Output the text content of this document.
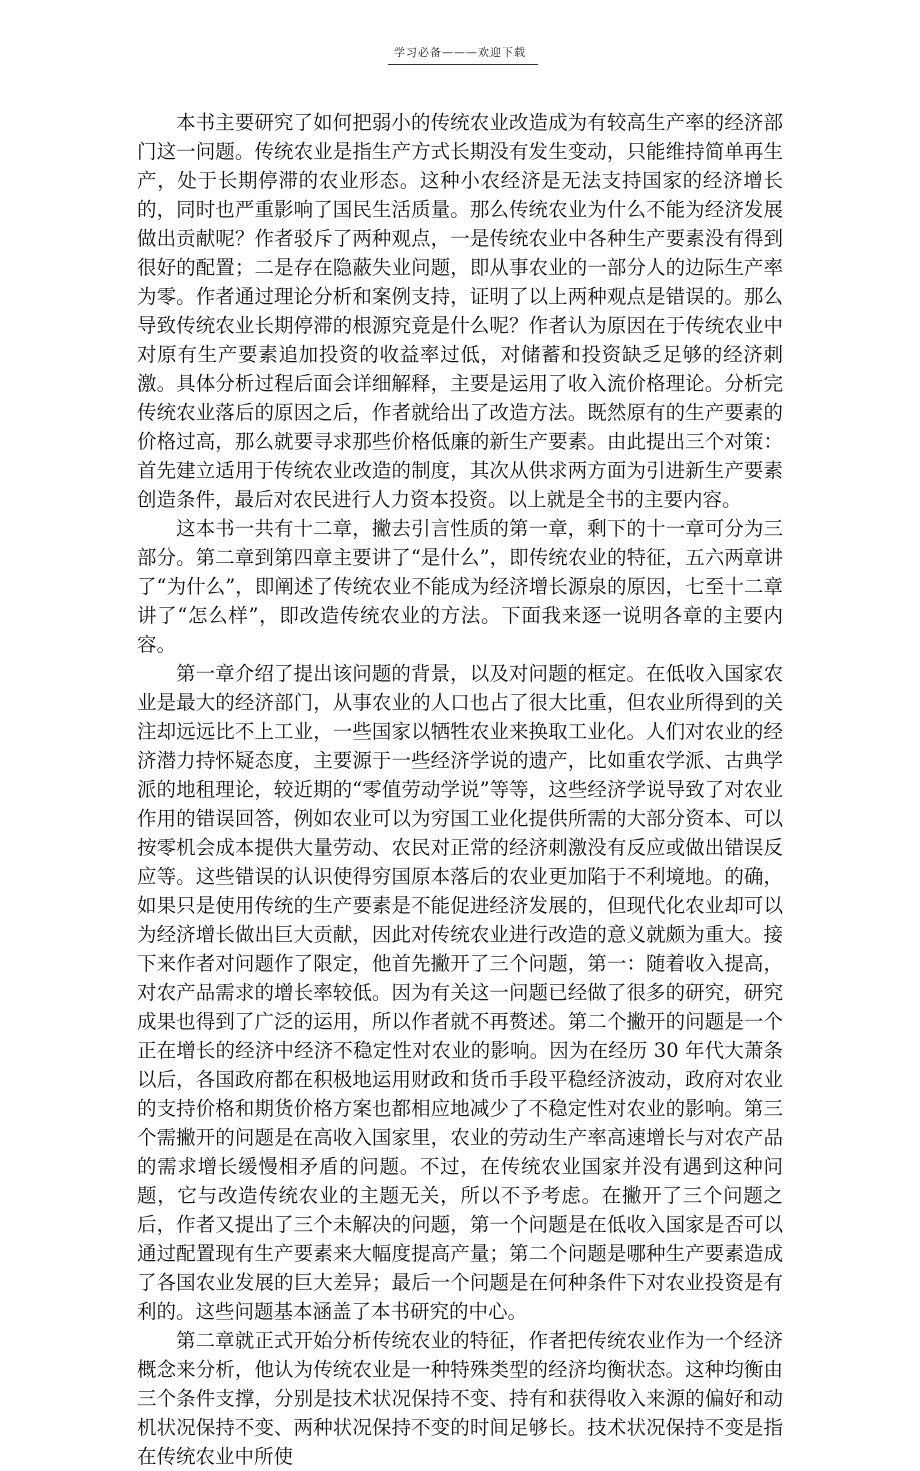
学习必备———欢迎下载

本书主要研究了如何把弱小的传统农业改造成为有较高生产率的经济部门这一问题。传统农业是指生产方式长期没有发生变动，只能维持简单再生产，处于长期停滞的农业形态。这种小农经济是无法支持国家的经济增长的，同时也严重影响了国民生活质量。那么传统农业为什么不能为经济发展做出贡献呢？作者驳斥了两种观点，一是传统农业中各种生产要素没有得到很好的配置；二是存在隐蔽失业问题，即从事农业的一部分人的边际生产率为零。作者通过理论分析和案例支持，证明了以上两种观点是错误的。那么导致传统农业长期停滞的根源究竟是什么呢？作者认为原因在于传统农业中对原有生产要素追加投资的收益率过低，对储蓄和投资缺乏足够的经济刺激。具体分析过程后面会详细解释，主要是运用了收入流价格理论。分析完传统农业落后的原因之后，作者就给出了改造方法。既然原有的生产要素的价格过高，那么就要寻求那些价格低廉的新生产要素。由此提出三个对策：首先建立适用于传统农业改造的制度，其次从供求两方面为引进新生产要素创造条件，最后对农民进行人力资本投资。以上就是全书的主要内容。

这本书一共有十二章，撇去引言性质的第一章，剩下的十一章可分为三部分。第二章到第四章主要讲了“是什么”，即传统农业的特征，五六两章讲了“为什么”，即阐述了传统农业不能成为经济增长源泉的原因，七至十二章讲了“怎么样”，即改造传统农业的方法。下面我来逐一说明各章的主要内容。

第一章介绍了提出该问题的背景，以及对问题的框定。在低收入国家农业是最大的经济部门，从事农业的人口也占了很大比重，但农业所得到的关注却远远比不上工业，一些国家以牺牲农业来换取工业化。人们对农业的经济潜力持怀疑态度，主要源于一些经济学说的遗产，比如重农学派、古典学派的地租理论，较近期的“零值劳动学说”等等，这些经济学说导致了对农业作用的错误回答，例如农业可以为穷国工业化提供所需的大部分资本、可以按零机会成本提供大量劳动、农民对正常的经济刺激没有反应或做出错误反应等。这些错误的认识使得穷国原本落后的农业更加陷于不利境地。的确，如果只是使用传统的生产要素是不能促进经济发展的，但现代化农业却可以为经济增长做出巨大贡献，因此对传统农业进行改造的意义就颇为重大。接下来作者对问题作了限定，他首先撇开了三个问题，第一：随着收入提高，对农产品需求的增长率较低。因为有关这一问题已经做了很多的研究，研究成果也得到了广泛的运用，所以作者就不再赘述。第二个撇开的问题是一个正在增长的经济中经济不稳定性对农业的影响。因为在经历 30 年代大萧条以后，各国政府都在积极地运用财政和货币手段平稳经济波动，政府对农业的支持价格和期货价格方案也都相应地减少了不稳定性对农业的影响。第三个需撇开的问题是在高收入国家里，农业的劳动生产率高速增长与对农产品的需求增长缓慢相矛盾的问题。不过，在传统农业国家并没有遇到这种问题，它与改造传统农业的主题无关，所以不予考虑。在撇开了三个问题之后，作者又提出了三个未解决的问题，第一个问题是在低收入国家是否可以通过配置现有生产要素来大幅度提高产量；第二个问题是哪种生产要素造成了各国农业发展的巨大差异；最后一个问题是在何种条件下对农业投资是有利的。这些问题基本涵盖了本书研究的中心。

第二章就正式开始分析传统农业的特征，作者把传统农业作为一个经济概念来分析，他认为传统农业是一种特殊类型的经济均衡状态。这种均衡由三个条件支撑，分别是技术状况保持不变、持有和获得收入来源的偏好和动机状况保持不变、两种状况保持不变的时间足够长。技术状况保持不变是指在传统农业中所使
